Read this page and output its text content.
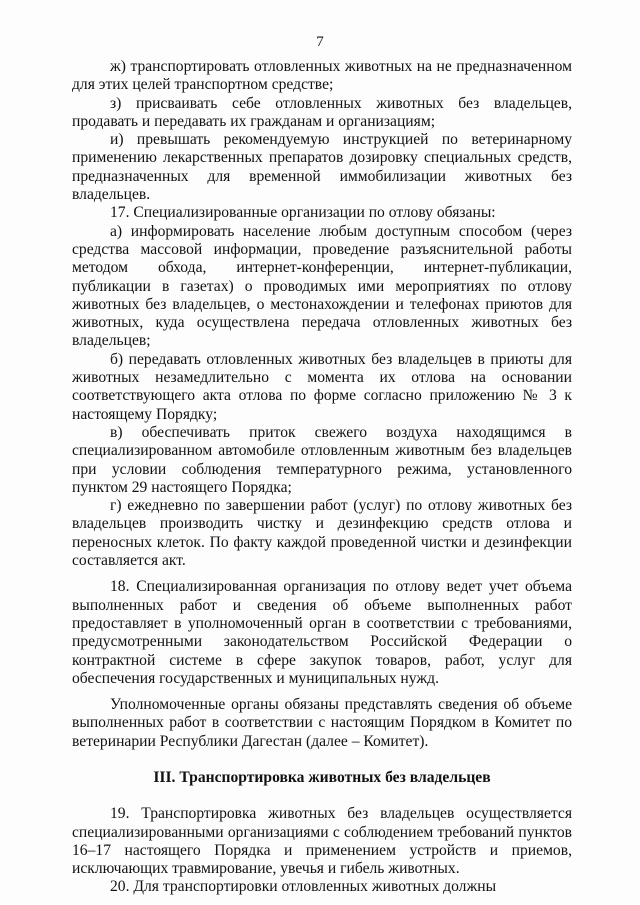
7

ж) транспортировать отловленных животных на не предназначенном для этих целей транспортном средстве;

з) присваивать себе отловленных животных без владельцев, продавать и передавать их гражданам и организациям;

и) превышать рекомендуемую инструкцией по ветеринарному применению лекарственных препаратов дозировку специальных средств, предназначенных для временной иммобилизации животных без владельцев.

17. Специализированные организации по отлову обязаны:

а) информировать население любым доступным способом (через средства массовой информации, проведение разъяснительной работы методом обхода, интернет-конференции, интернет-публикации, публикации в газетах) о проводимых ими мероприятиях по отлову животных без владельцев, о местонахождении и телефонах приютов для животных, куда осуществлена передача отловленных животных без владельцев;

б) передавать отловленных животных без владельцев в приюты для животных незамедлительно с момента их отлова на основании соответствующего акта отлова по форме согласно приложению № 3 к настоящему Порядку;

в) обеспечивать приток свежего воздуха находящимся в специализированном автомобиле отловленным животным без владельцев при условии соблюдения температурного режима, установленного пунктом 29 настоящего Порядка;

г) ежедневно по завершении работ (услуг) по отлову животных без владельцев производить чистку и дезинфекцию средств отлова и переносных клеток. По факту каждой проведенной чистки и дезинфекции составляется акт.

18. Специализированная организация по отлову ведет учет объема выполненных работ и сведения об объеме выполненных работ предоставляет в уполномоченный орган в соответствии с требованиями, предусмотренными законодательством Российской Федерации о контрактной системе в сфере закупок товаров, работ, услуг для обеспечения государственных и муниципальных нужд.

Уполномоченные органы обязаны представлять сведения об объеме выполненных работ в соответствии с настоящим Порядком в Комитет по ветеринарии Республики Дагестан (далее – Комитет).

III. Транспортировка животных без владельцев

19. Транспортировка животных без владельцев осуществляется специализированными организациями с соблюдением требований пунктов 16–17 настоящего Порядка и применением устройств и приемов, исключающих травмирование, увечья и гибель животных.

20. Для транспортировки отловленных животных должны
